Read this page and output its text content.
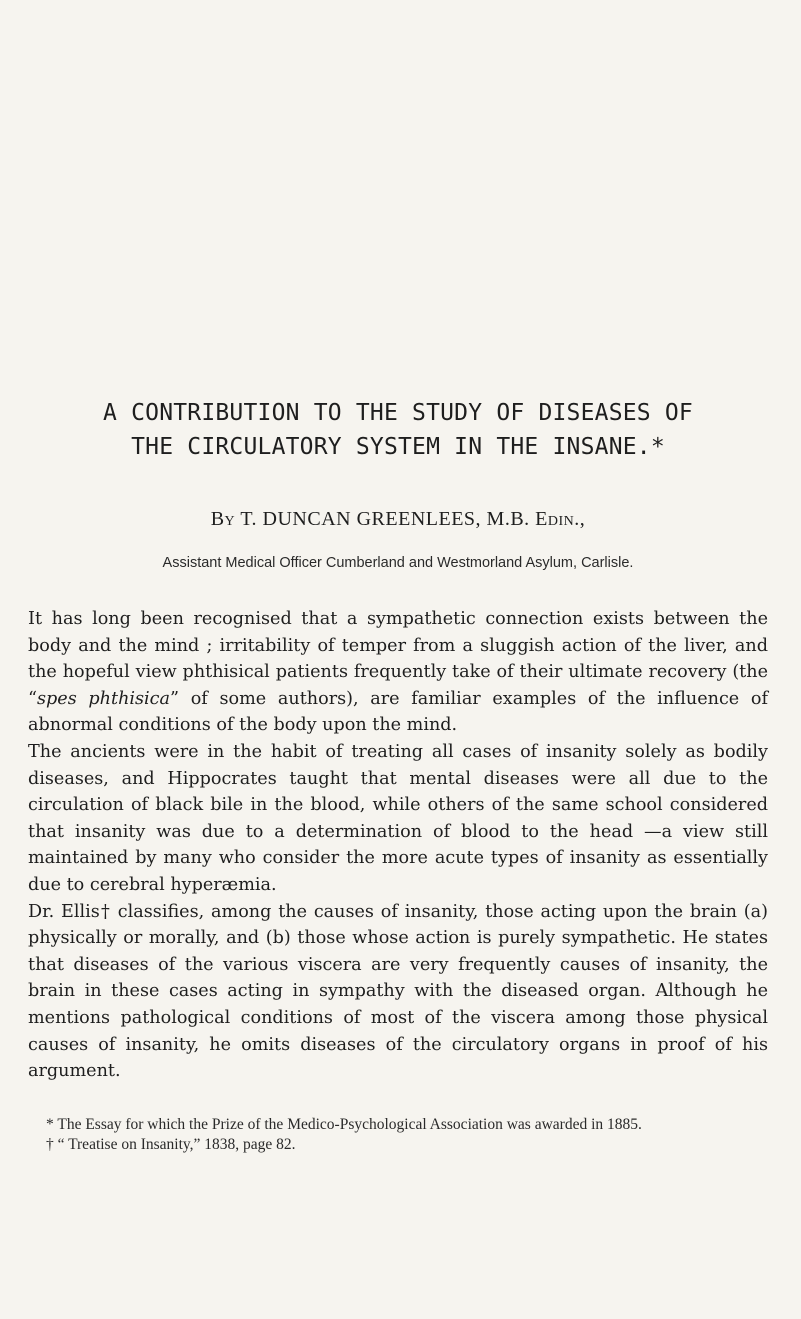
A CONTRIBUTION TO THE STUDY OF DISEASES OF
THE CIRCULATORY SYSTEM IN THE INSANE.*
By T. DUNCAN GREENLEES, M.B. Edin.,
Assistant Medical Officer Cumberland and Westmorland Asylum, Carlisle.

It has long been recognised that a sympathetic connection exists between the body and the mind ; irritability of temper from a sluggish action of the liver, and the hopeful view phthisical patients frequently take of their ultimate recovery (the “spes phthisica” of some authors), are familiar examples of the influence of abnormal conditions of the body upon the mind.

The ancients were in the habit of treating all cases of insanity solely as bodily diseases, and Hippocrates taught that mental diseases were all due to the circulation of black bile in the blood, while others of the same school considered that insanity was due to a determination of blood to the head —a view still maintained by many who consider the more acute types of insanity as essentially due to cerebral hyperæmia.

Dr. Ellis† classifies, among the causes of insanity, those acting upon the brain (a) physically or morally, and (b) those whose action is purely sympathetic. He states that diseases of the various viscera are very frequently causes of insanity, the brain in these cases acting in sympathy with the diseased organ. Although he mentions pathological conditions of most of the viscera among those physical causes of insanity, he omits diseases of the circulatory organs in proof of his argument.

* The Essay for which the Prize of the Medico-Psychological Association was awarded in 1885.

† “ Treatise on Insanity,” 1838, page 82.
